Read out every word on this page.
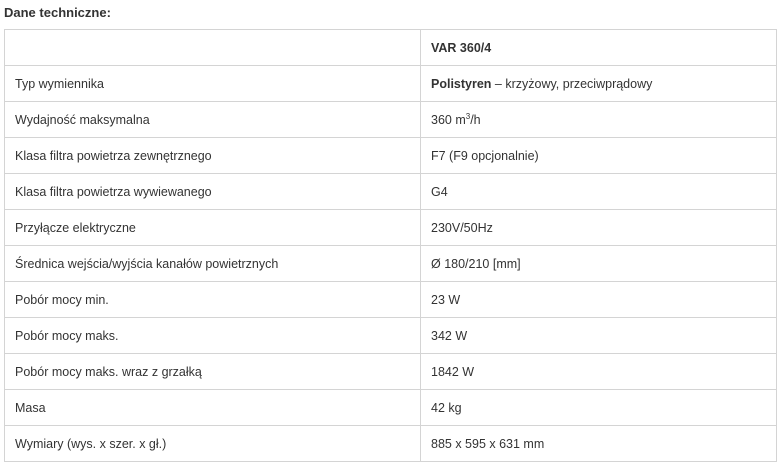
Dane techniczne:
	VAR 360/4
Typ wymiennika	Polistyren – krzyżowy, przeciwprądowy
Wydajność maksymalna	360 $m^3/h$
Klasa filtra powietrza zewnętrznego	F7 (F9 opcjonalnie)
Klasa filtra powietrza wywiewanego	G4
Przyłącze elektryczne	230V/50Hz
Średnica wejścia/wyjścia kanałów powietrznych	Ø 180/210 [mm]
Pobór mocy min.	23 W
Pobór mocy maks.	342 W
Pobór mocy maks. wraz z grzałką	1842 W
Masa	42 kg
Wymiary (wys. x szer. x gł.)	885 x 595 x 631 mm
